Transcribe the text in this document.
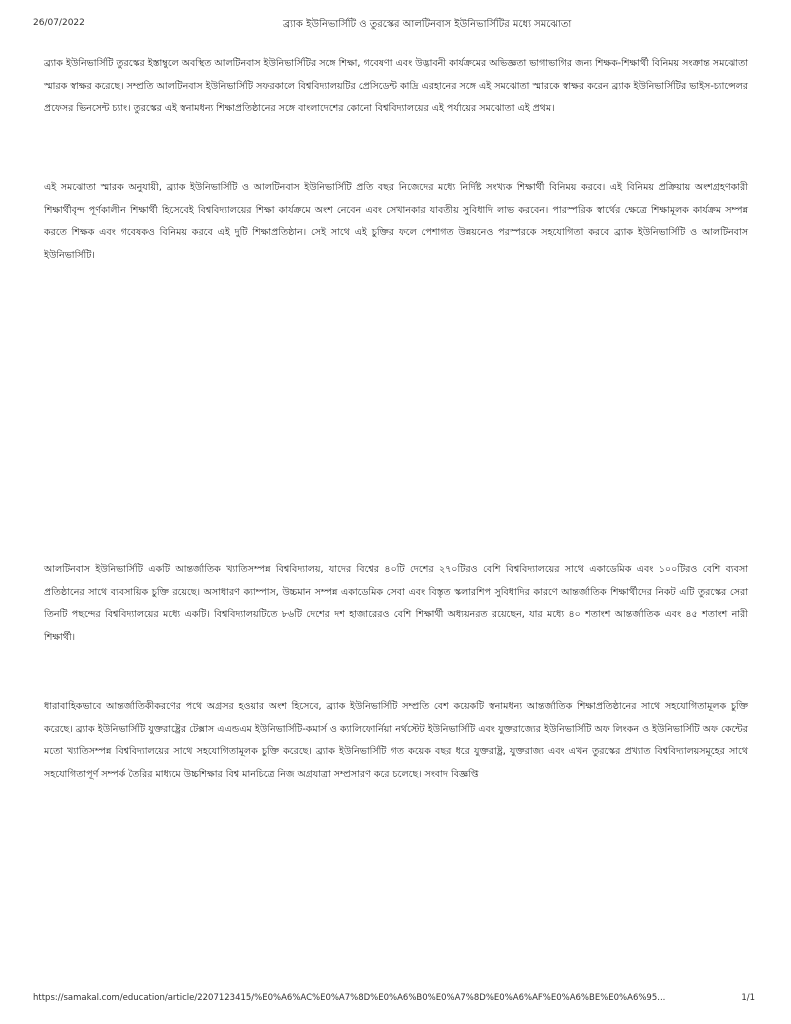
26/07/2022	ব্র্যাক ইউনিভার্সিটি ও তুরস্কের আলটিনবাস ইউনিভার্সিটির মধ্যে সমঝোতা

ব্র্যাক ইউনিভার্সিটি তুরস্কের ইস্তাম্বুলে অবস্থিত আলটিনবাস ইউনিভার্সিটির সঙ্গে শিক্ষা, গবেষণা এবং উদ্ভাবনী কার্যক্রমের অভিজ্ঞতা ভাগাভাগির জন্য শিক্ষক-শিক্ষার্থী বিনিময় সংক্রান্ত সমঝোতা স্মারক স্বাক্ষর করেছে। সম্প্রতি আলটিনবাস ইউনিভার্সিটি সফরকালে বিশ্ববিদ্যালয়টির প্রেসিডেন্ট কাদ্রি এরহানের সঙ্গে এই সমঝোতা স্মারকে স্বাক্ষর করেন ব্র্যাক ইউনিভার্সিটির ভাইস-চ্যান্সেলর প্রফেসর ভিনসেন্ট চ্যাং। তুরস্কের এই স্বনামধন্য শিক্ষাপ্রতিষ্ঠানের সঙ্গে বাংলাদেশের কোনো বিশ্ববিদ্যালয়ের এই পর্যায়ের সমঝোতা এই প্রথম।

এই সমঝোতা স্মারক অনুযায়ী, ব্র্যাক ইউনিভার্সিটি ও আলটিনবাস ইউনিভার্সিটি প্রতি বছর নিজেদের মধ্যে নির্দিষ্ট সংখ্যক শিক্ষার্থী বিনিময় করবে। এই বিনিময় প্রক্রিয়ায় অংশগ্রহণকারী শিক্ষার্থীবৃন্দ পূর্ণকালীন শিক্ষার্থী হিসেবেই বিশ্ববিদ্যালয়ের শিক্ষা কার্যক্রমে অংশ নেবেন এবং সেখানকার যাবতীয় সুবিধাদি লাভ করবেন। পারস্পরিক স্বার্থের ক্ষেত্রে শিক্ষামূলক কার্যক্রম সম্পন্ন করতে শিক্ষক এবং গবেষকও বিনিময় করবে এই দুটি শিক্ষাপ্রতিষ্ঠান। সেই সাথে এই চুক্তির ফলে পেশাগত উন্নয়নেও পরস্পরকে সহযোগিতা করবে ব্র্যাক ইউনিভার্সিটি ও আলটিনবাস ইউনিভার্সিটি।

আলটিনবাস ইউনিভার্সিটি একটি আন্তর্জাতিক খ্যাতিসম্পন্ন বিশ্ববিদ্যালয়, যাদের বিশ্বের ৪০টি দেশের ২৭০টিরও বেশি বিশ্ববিদ্যালয়ের সাথে একাডেমিক এবং ১০০টিরও বেশি ব্যবসা প্রতিষ্ঠানের সাথে ব্যবসায়িক চুক্তি রয়েছে। অসাধারণ ক্যাম্পাস, উচ্চমান সম্পন্ন একাডেমিক সেবা এবং বিস্তৃত স্কলারশিপ সুবিধাদির কারণে আন্তর্জাতিক শিক্ষার্থীদের নিকট এটি তুরস্কের সেরা তিনটি পছন্দের বিশ্ববিদ্যালয়ের মধ্যে একটি। বিশ্ববিদ্যালয়টিতে ৮৬টি দেশের দশ হাজারেরও বেশি শিক্ষার্থী অধ্যয়নরত রয়েছেন, যার মধ্যে ৪০ শতাংশ আন্তর্জাতিক এবং ৪৫ শতাংশ নারী শিক্ষার্থী।

ধারাবাহিকভাবে আন্তর্জাতিকীকরণের পথে অগ্রসর হওয়ার অংশ হিসেবে, ব্র্যাক ইউনিভার্সিটি সম্প্রতি বেশ কয়েকটি স্বনামধন্য আন্তর্জাতিক শিক্ষাপ্রতিষ্ঠানের সাথে সহযোগিতামূলক চুক্তি করেছে। ব্র্যাক ইউনিভার্সিটি যুক্তরাষ্ট্রের টেক্সাস এএন্ডএম ইউনিভার্সিটি-কমার্স ও ক্যালিফোর্নিয়া নর্থস্টেট ইউনিভার্সিটি এবং যুক্তরাজ্যের ইউনিভার্সিটি অফ লিংকন ও ইউনিভার্সিটি অফ কেন্টের মতো খ্যাতিসম্পন্ন বিশ্ববিদ্যালয়ের সাথে সহযোগিতামূলক চুক্তি করেছে। ব্র্যাক ইউনিভার্সিটি গত কয়েক বছর ধরে যুক্তরাষ্ট্র, যুক্তরাজ্য এবং এখন তুরস্কের প্রখ্যাত বিশ্ববিদ্যালয়সমূহের সাথে সহযোগিতাপূর্ণ সম্পর্ক তৈরির মাধ্যমে উচ্চশিক্ষার বিশ্ব মানচিত্রে নিজ অগ্রযাত্রা সম্প্রসারণ করে চলেছে। সংবাদ বিজ্ঞপ্তি

https://samakal.com/education/article/2207123415/%E0%A6%AC%E0%A7%8D%E0%A6%B0%E0%A7%8D%E0%A6%AF%E0%A6%BE%E0%A6%95...	1/1
